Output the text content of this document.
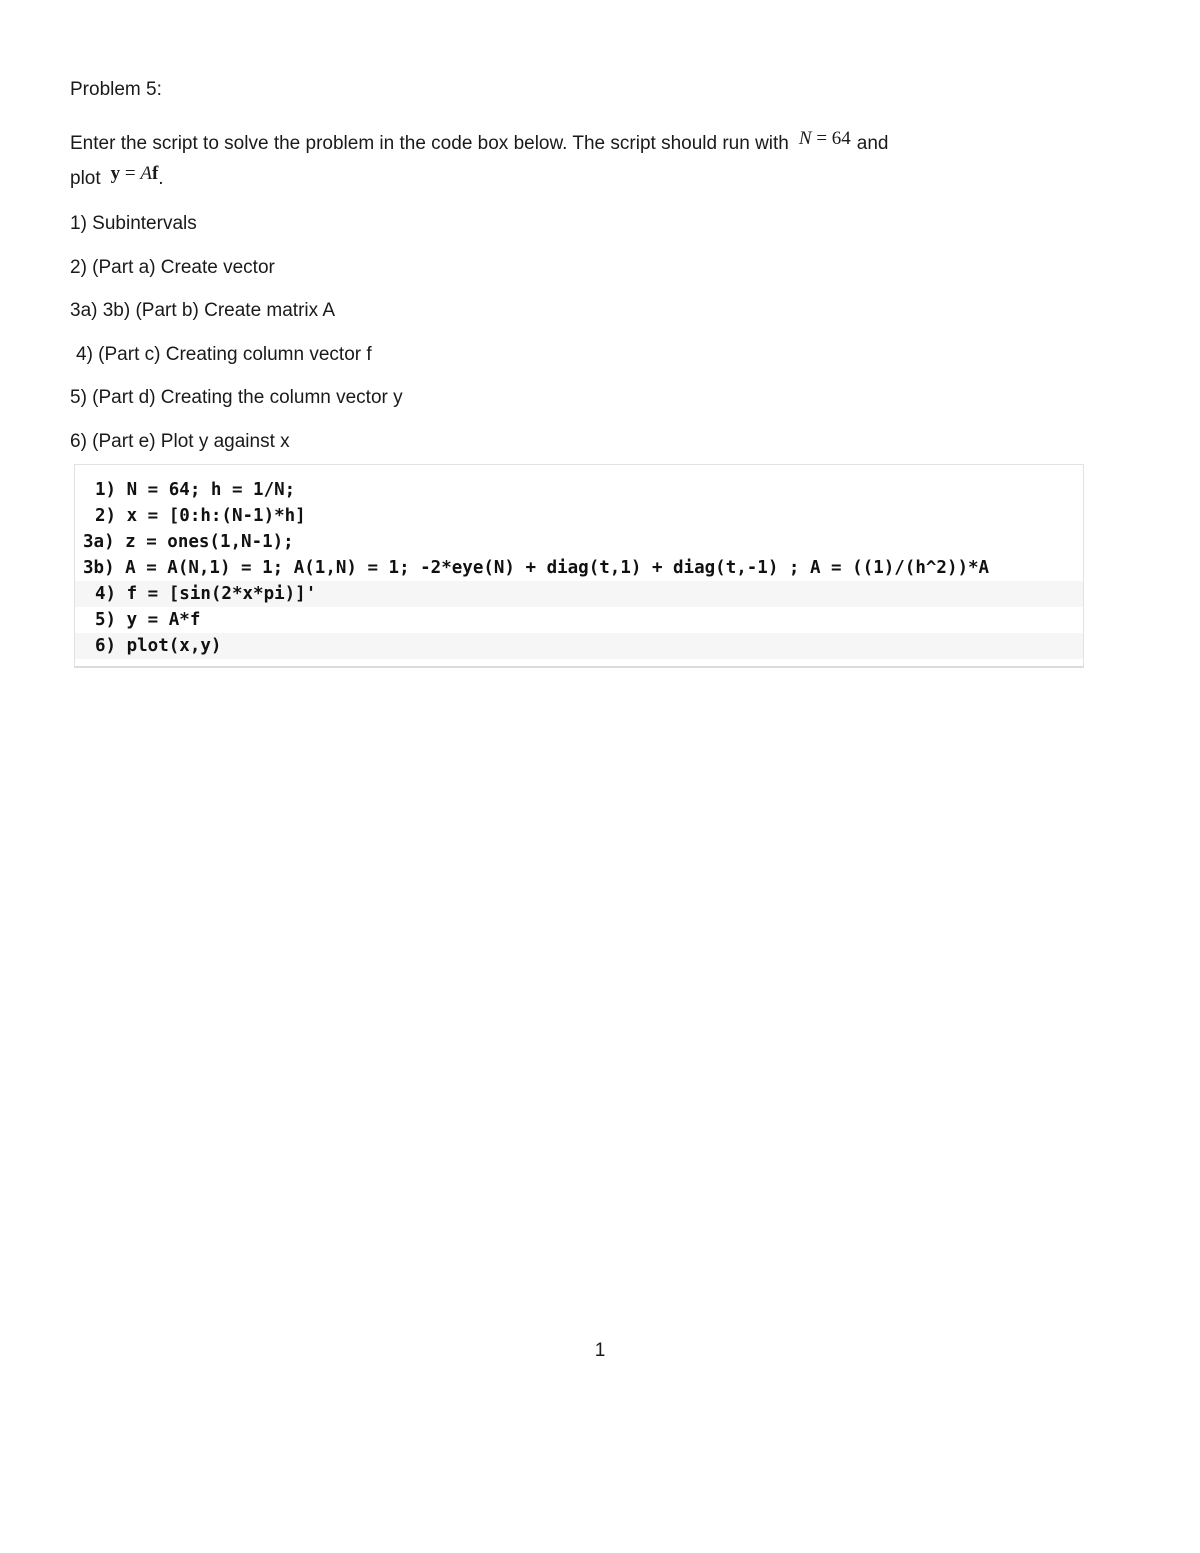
Problem 5:

Enter the script to solve the problem in the code box below. The script should run with N = 64 and
plot y = Af.

1) Subintervals

2) (Part a) Create vector

3a) 3b) (Part b) Create matrix A

4) (Part c) Creating column vector f

5) (Part d) Creating the column vector y

6) (Part e) Plot y against x

1) N = 64; h = 1/N;
2) x = [0:h:(N-1)*h]
3a) z = ones(1,N-1);
3b) A = A(N,1) = 1; A(1,N) = 1; -2*eye(N) + diag(t,1) + diag(t,-1) ; A = ((1)/(h^2))*A
4) f = [sin(2*x*pi)]'
5) y = A*f
6) plot(x,y)
1
